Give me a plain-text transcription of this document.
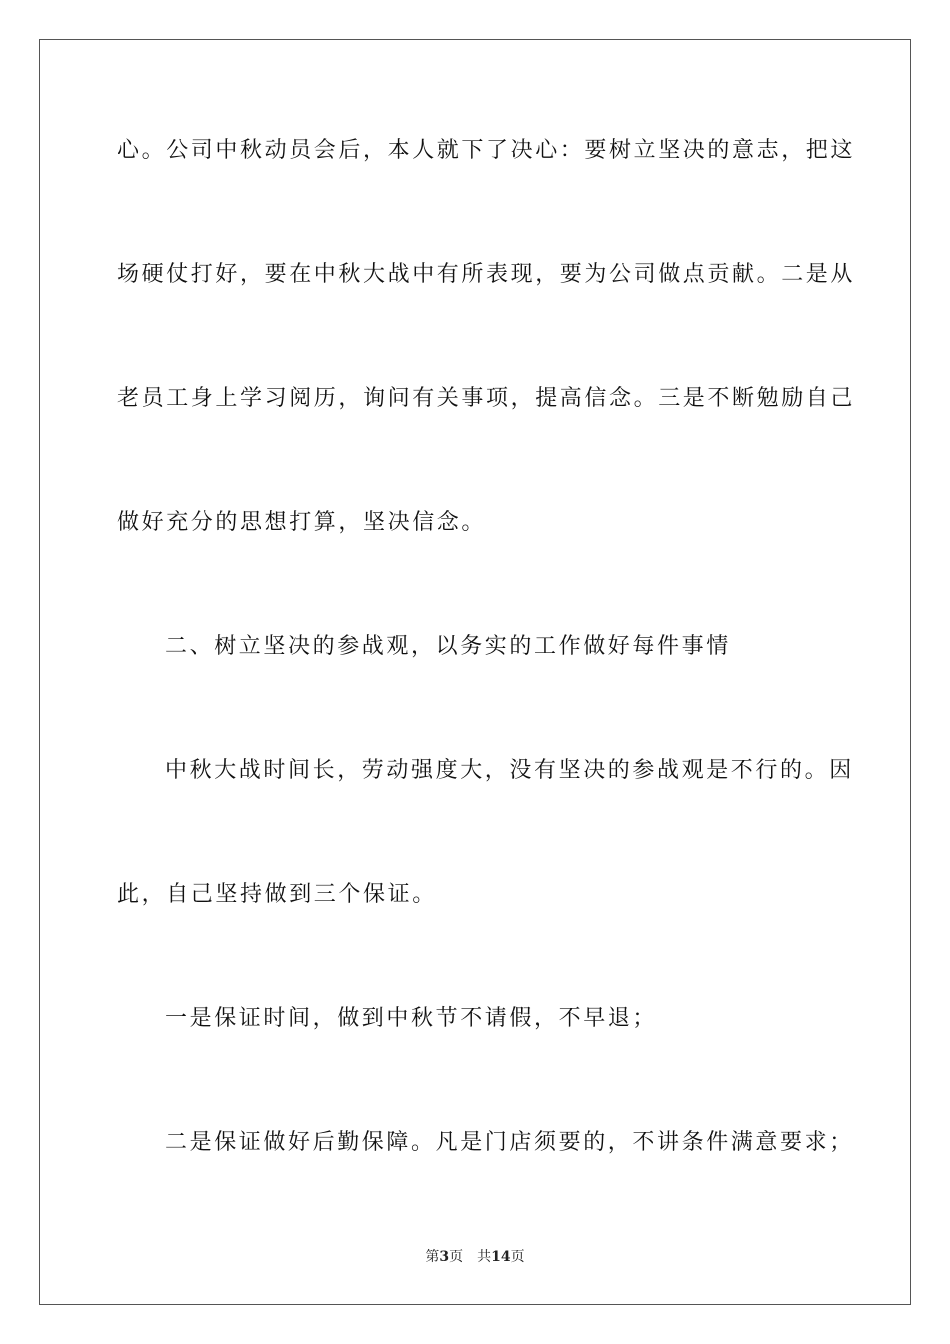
心。公司中秋动员会后，本人就下了决心：要树立坚决的意志，把这
场硬仗打好，要在中秋大战中有所表现，要为公司做点贡献。二是从
老员工身上学习阅历，询问有关事项，提高信念。三是不断勉励自己
做好充分的思想打算，坚决信念。
二、树立坚决的参战观，以务实的工作做好每件事情
中秋大战时间长，劳动强度大，没有坚决的参战观是不行的。因
此，自己坚持做到三个保证。
一是保证时间，做到中秋节不请假，不早退；
二是保证做好后勤保障。凡是门店须要的，不讲条件满意要求；
第3页 共14页
